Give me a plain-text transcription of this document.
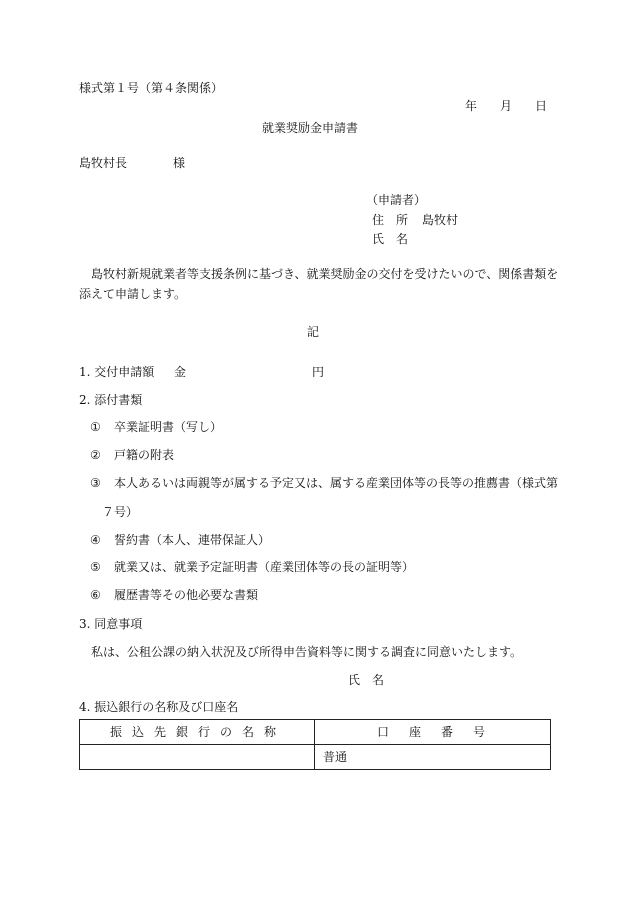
様式第１号（第４条関係）
年 月 日
就業奨励金申請書
島牧村長	様
（申請者）
住　所 島牧村
氏　名
島牧村新規就業者等支援条例に基づき、就業奨励金の交付を受けたいので、関係書類を
添えて申請します。
記
1. 交付申請額 金	円
2. 添付書類
① 卒業証明書（写し）
② 戸籍の附表
③ 本人あるいは両親等が属する予定又は、属する産業団体等の長等の推薦書（様式第
７号）
④ 誓約書（本人、連帯保証人）
⑤ 就業又は、就業予定証明書（産業団体等の長の証明等）
⑥ 履歴書等その他必要な書類
3. 同意事項
私は、公租公課の納入状況及び所得申告資料等に関する調査に同意いたします。
氏　名
4. 振込銀行の名称及び口座名
振込先銀行の名称	口座番号
	普通
